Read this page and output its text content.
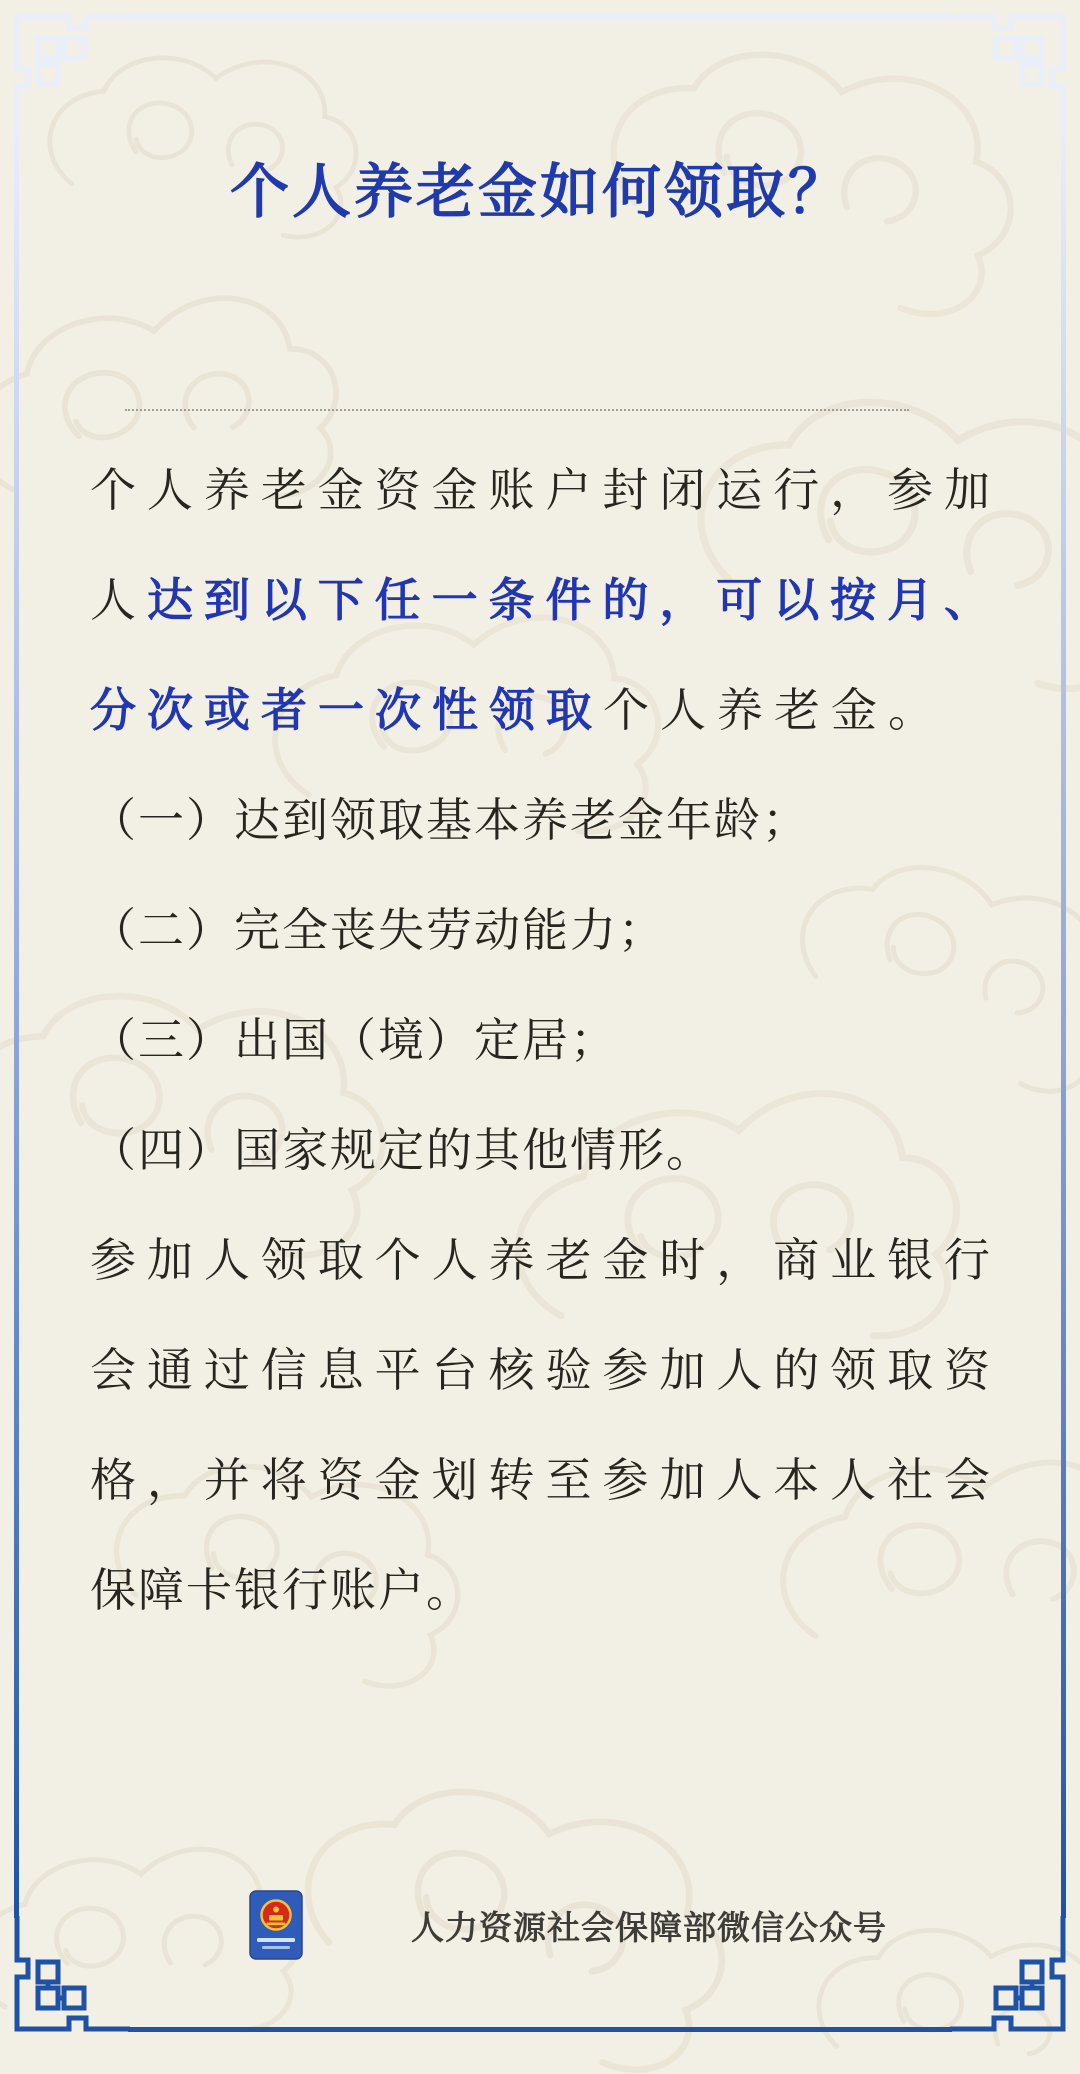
个人养老金如何领取？
个人养老金资金账户封闭运行，参加
人达到以下任一条件的，可以按月、
分次或者一次性领取个人养老金。
（一）达到领取基本养老金年龄；
（二）完全丧失劳动能力；
（三）出国（境）定居；
（四）国家规定的其他情形。
参加人领取个人养老金时，商业银行
会通过信息平台核验参加人的领取资
格，并将资金划转至参加人本人社会
保障卡银行账户。
人力资源社会保障部微信公众号
